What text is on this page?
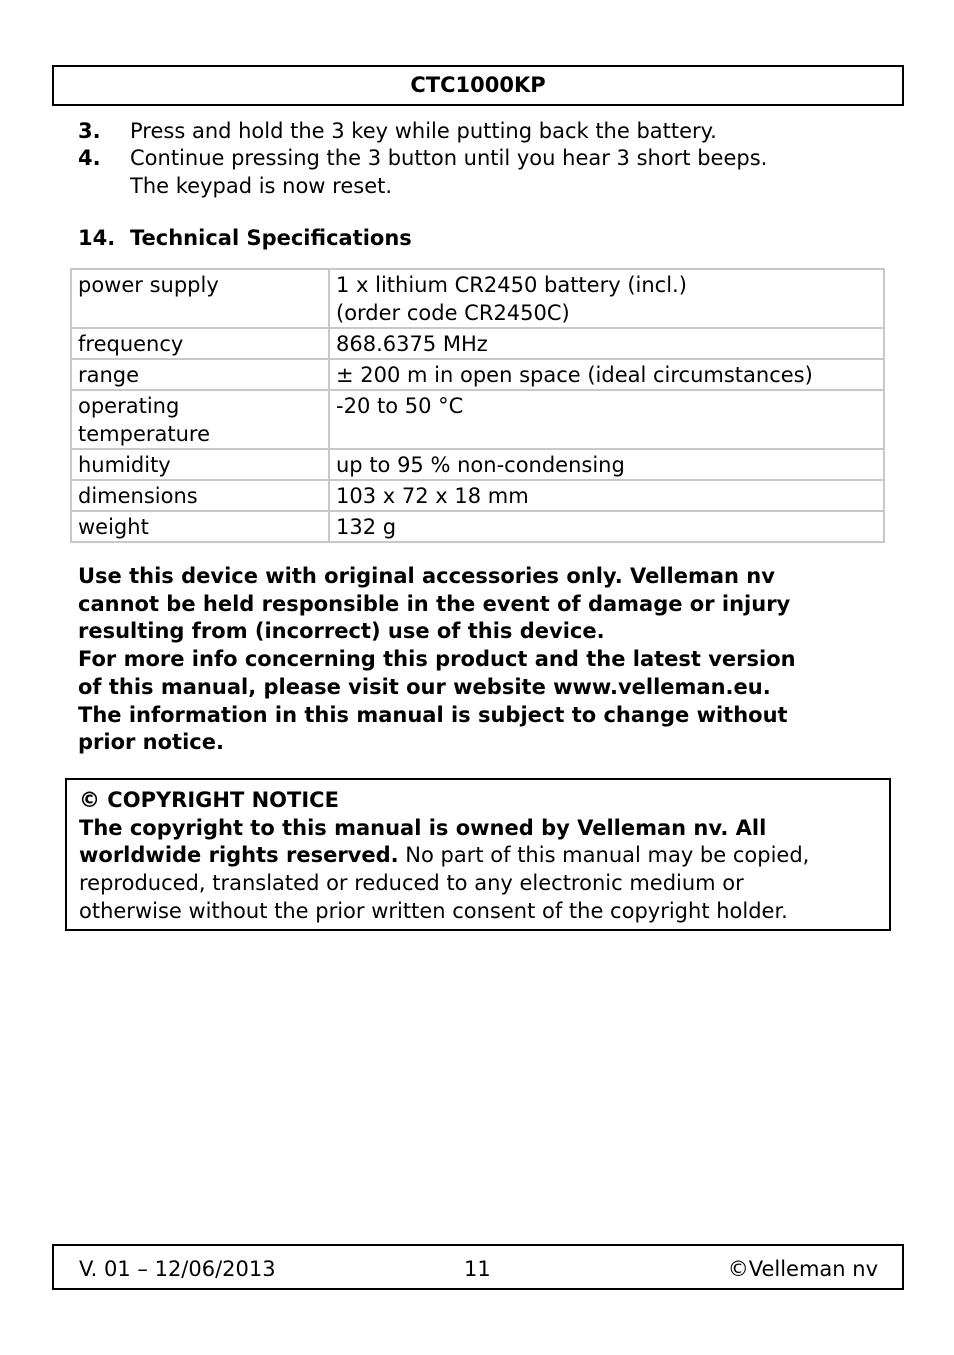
CTC1000KP
3. Press and hold the 3 key while putting back the battery.
4. Continue pressing the 3 button until you hear 3 short beeps.
The keypad is now reset.
14. Technical Specifications
power supply	1 x lithium CR2450 battery (incl.)
(order code CR2450C)

frequency	868.6375 MHz
range	± 200 m in open space (ideal circumstances)

operating
temperature	-20 to 50 °C
humidity	up to 95 % non-condensing
dimensions	103 x 72 x 18 mm
weight	132 g

Use this device with original accessories only. Velleman nv

cannot be held responsible in the event of damage or injury

resulting from (incorrect) use of this device.

For more info concerning this product and the latest version

of this manual, please visit our website www.velleman.eu.

The information in this manual is subject to change without

prior notice.

© COPYRIGHT NOTICE
The copyright to this manual is owned by Velleman nv. All
worldwide rights reserved. No part of this manual may be copied,
reproduced, translated or reduced to any electronic medium or
otherwise without the prior written consent of the copyright holder.
V. 01 – 12/06/2013	11	©Velleman nv
